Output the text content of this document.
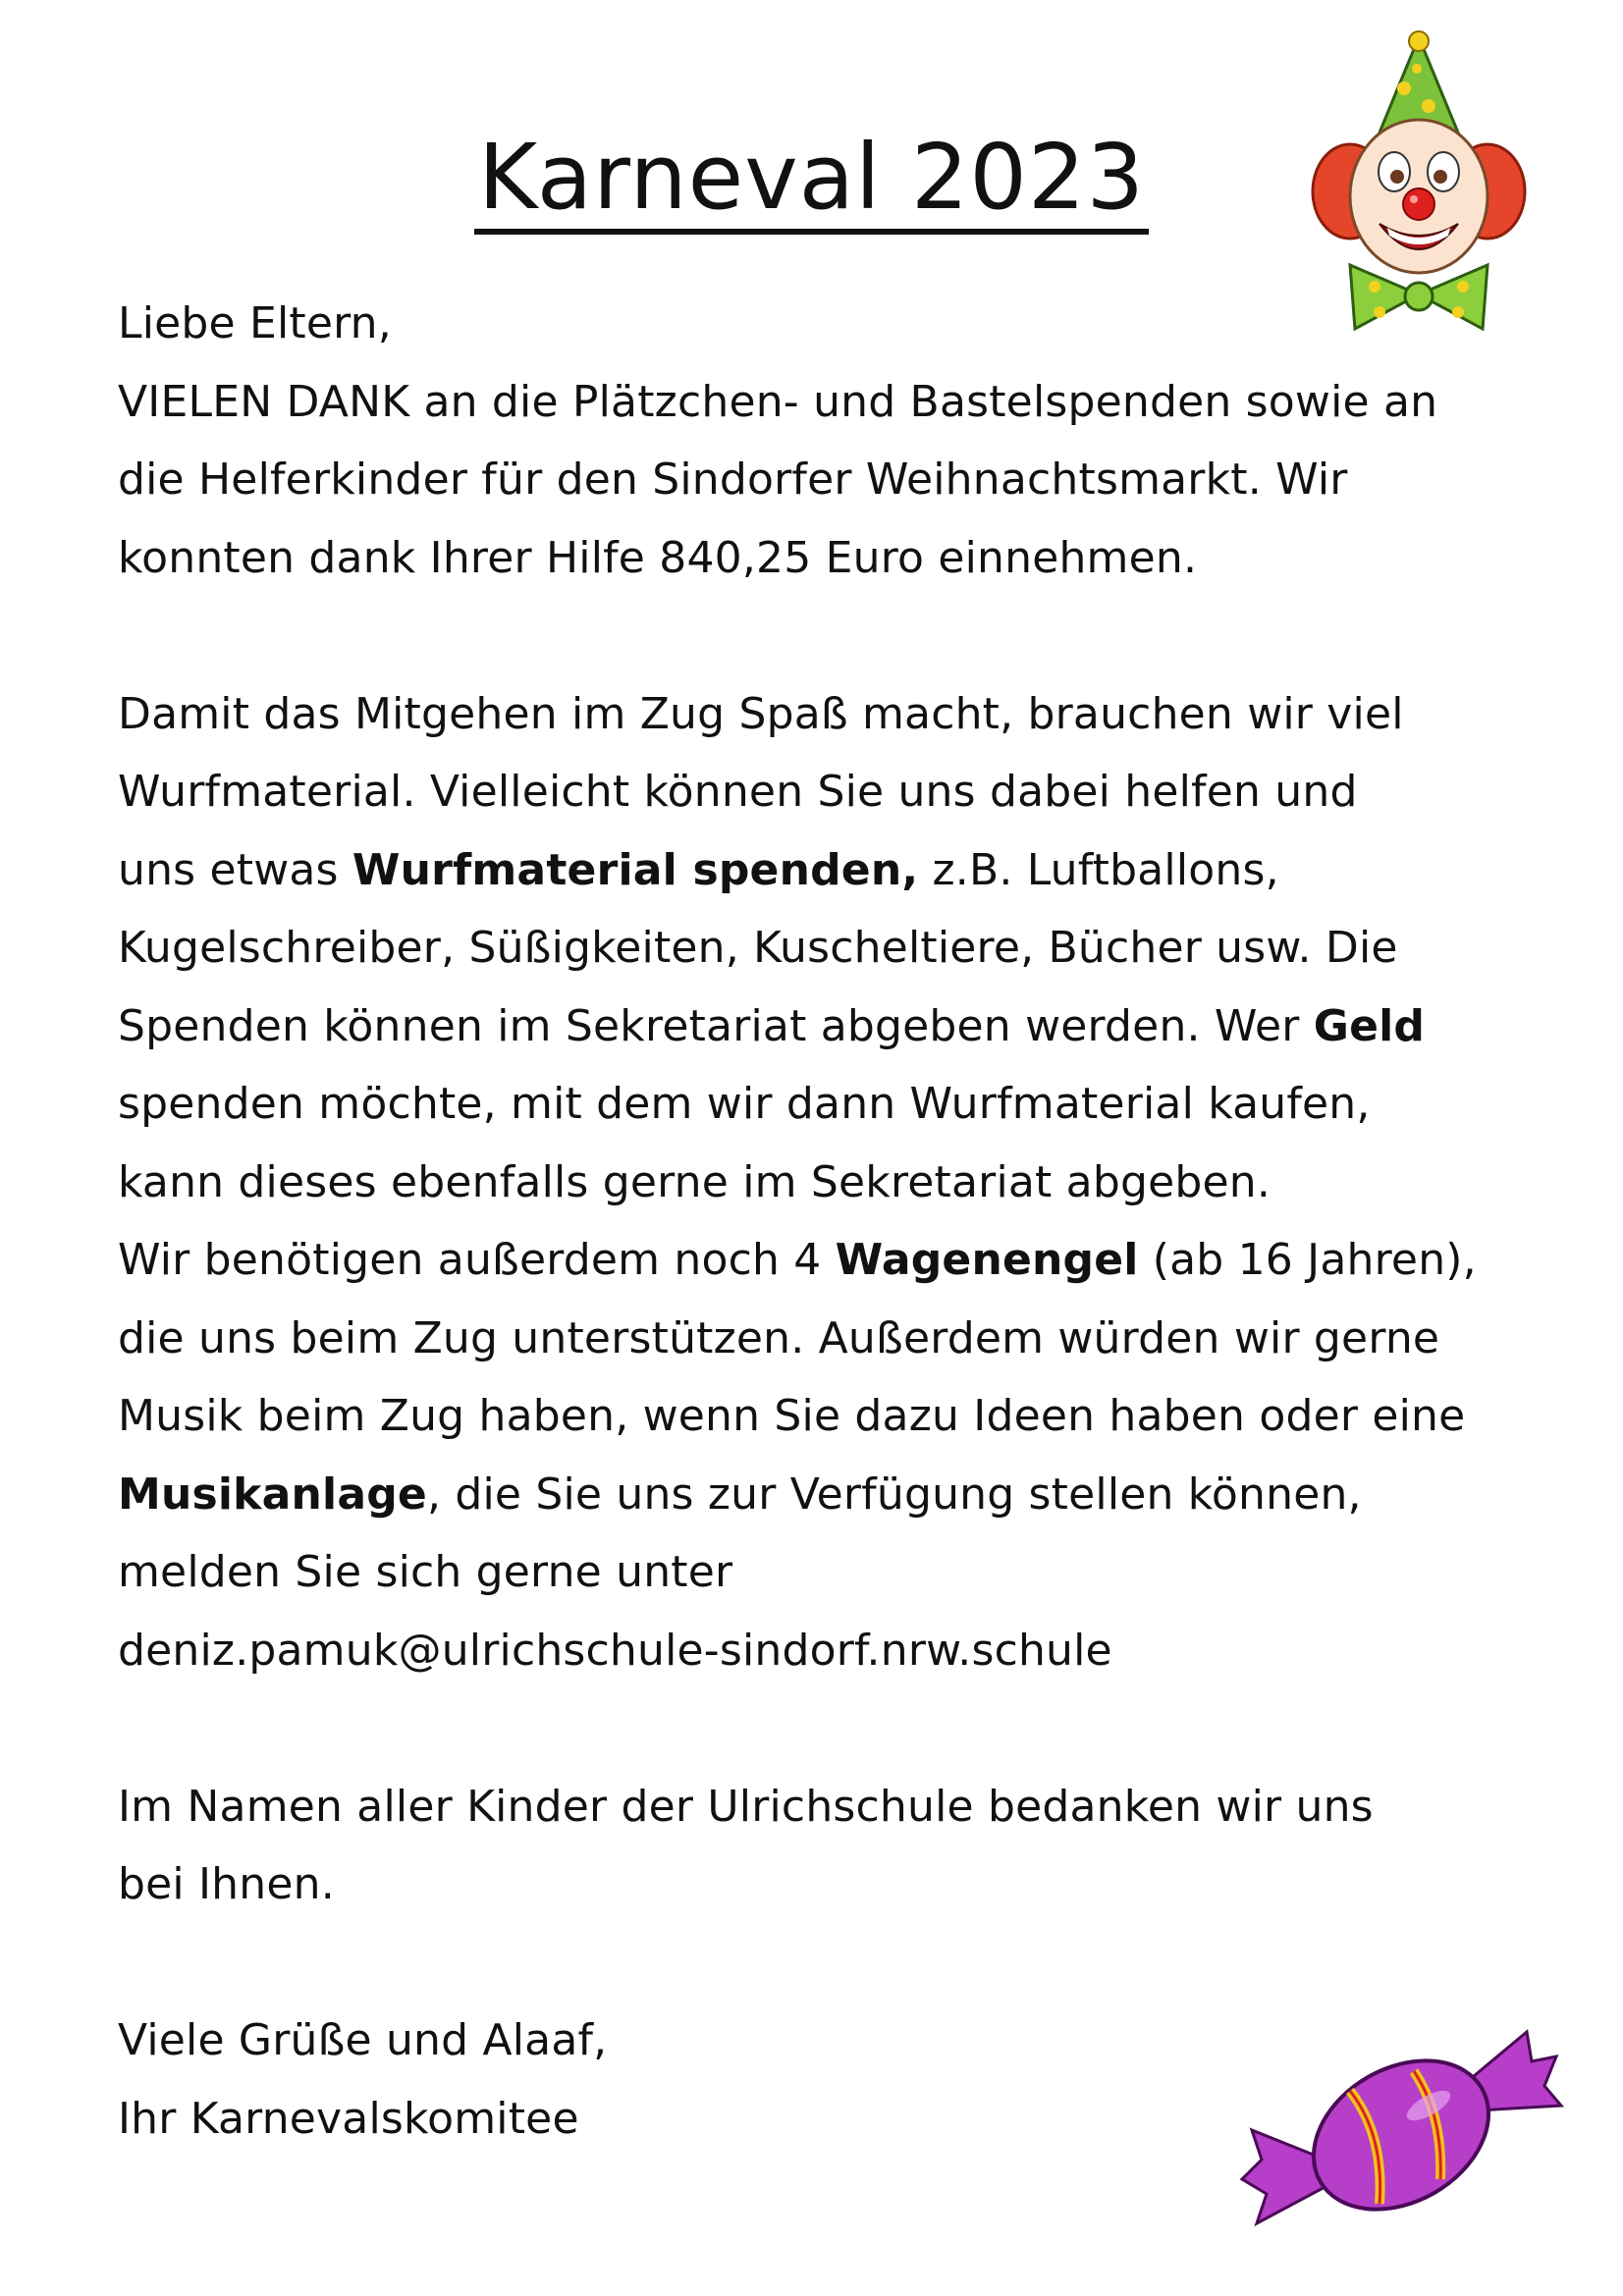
Karneval 2023
Liebe Eltern,
VIELEN DANK an die Plätzchen- und Bastelspenden sowie an
die Helferkinder für den Sindorfer Weihnachtsmarkt. Wir
konnten dank Ihrer Hilfe 840,25 Euro einnehmen.
Damit das Mitgehen im Zug Spaß macht, brauchen wir viel
Wurfmaterial. Vielleicht können Sie uns dabei helfen und
uns etwas Wurfmaterial spenden, z.B. Luftballons,
Kugelschreiber, Süßigkeiten, Kuscheltiere, Bücher usw. Die
Spenden können im Sekretariat abgeben werden. Wer Geld
spenden möchte, mit dem wir dann Wurfmaterial kaufen,
kann dieses ebenfalls gerne im Sekretariat abgeben.
Wir benötigen außerdem noch 4 Wagenengel (ab 16 Jahren),
die uns beim Zug unterstützen. Außerdem würden wir gerne
Musik beim Zug haben, wenn Sie dazu Ideen haben oder eine
Musikanlage, die Sie uns zur Verfügung stellen können,
melden Sie sich gerne unter
deniz.pamuk@ulrichschule-sindorf.nrw.schule
Im Namen aller Kinder der Ulrichschule bedanken wir uns
bei Ihnen.
Viele Grüße und Alaaf,
Ihr Karnevalskomitee
